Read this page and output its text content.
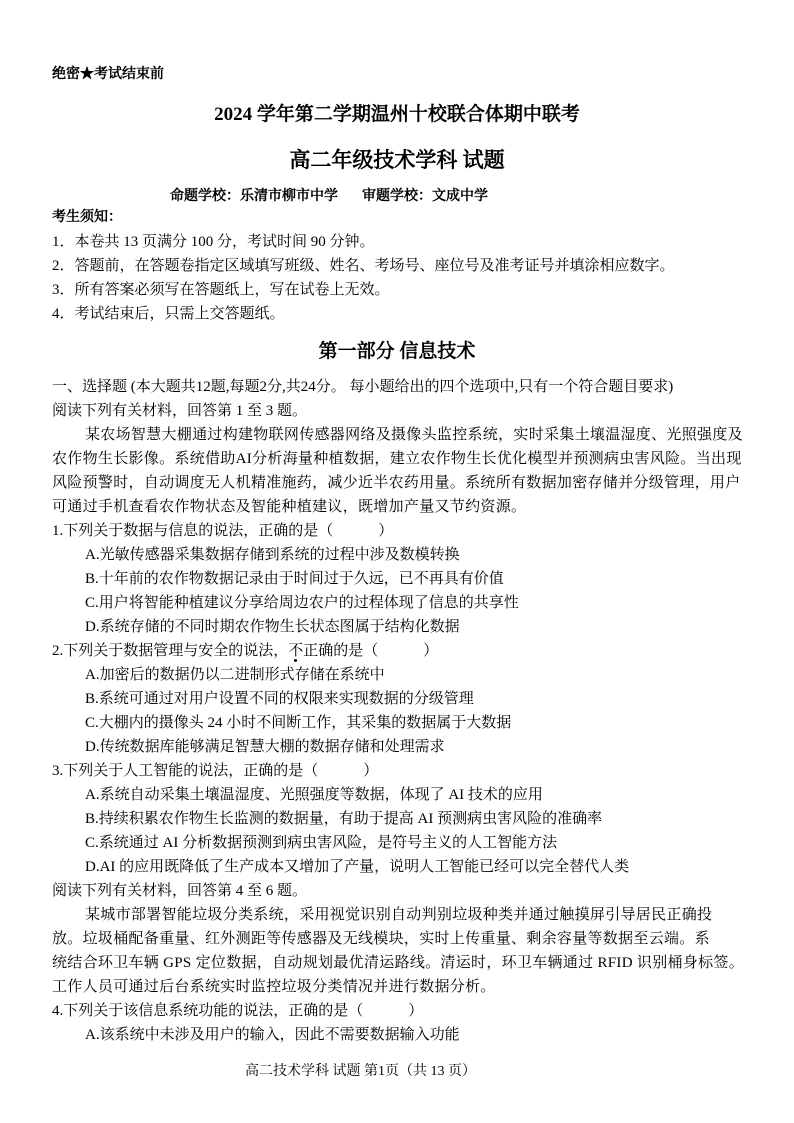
绝密★考试结束前
2024 学年第二学期温州十校联合体期中联考
高二年级技术学科 试题
命题学校：乐清市柳市中学 审题学校：文成中学
考生须知：
1．本卷共 13 页满分 100 分，考试时间 90 分钟。
2．答题前，在答题卷指定区域填写班级、姓名、考场号、座位号及准考证号并填涂相应数字。
3．所有答案必须写在答题纸上，写在试卷上无效。
4．考试结束后，只需上交答题纸。
第一部分 信息技术
一、选择题 (本大题共12题,每题2分,共24分。 每小题给出的四个选项中,只有一个符合题目要求)
阅读下列有关材料，回答第 1 至 3 题。
某农场智慧大棚通过构建物联网传感器网络及摄像头监控系统，实时采集土壤温湿度、光照强度及
农作物生长影像。系统借助AI分析海量种植数据，建立农作物生长优化模型并预测病虫害风险。当出现
风险预警时，自动调度无人机精准施药，减少近半农药用量。系统所有数据加密存储并分级管理，用户
可通过手机查看农作物状态及智能种植建议，既增加产量又节约资源。
1.下列关于数据与信息的说法，正确的是（　　　）
A.光敏传感器采集数据存储到系统的过程中涉及数模转换
B.十年前的农作物数据记录由于时间过于久远，已不再具有价值
C.用户将智能种植建议分享给周边农户的过程体现了信息的共享性
D.系统存储的不同时期农作物生长状态图属于结构化数据
2.下列关于数据管理与安全的说法，不正确的是（　　　）
A.加密后的数据仍以二进制形式存储在系统中
B.系统可通过对用户设置不同的权限来实现数据的分级管理
C.大棚内的摄像头 24 小时不间断工作，其采集的数据属于大数据
D.传统数据库能够满足智慧大棚的数据存储和处理需求
3.下列关于人工智能的说法，正确的是（　　　）
A.系统自动采集土壤温湿度、光照强度等数据，体现了 AI 技术的应用
B.持续积累农作物生长监测的数据量，有助于提高 AI 预测病虫害风险的准确率
C.系统通过 AI 分析数据预测到病虫害风险，是符号主义的人工智能方法
D.AI 的应用既降低了生产成本又增加了产量，说明人工智能已经可以完全替代人类
阅读下列有关材料，回答第 4 至 6 题。
某城市部署智能垃圾分类系统，采用视觉识别自动判别垃圾种类并通过触摸屏引导居民正确投
放。垃圾桶配备重量、红外测距等传感器及无线模块，实时上传重量、剩余容量等数据至云端。系
统结合环卫车辆 GPS 定位数据，自动规划最优清运路线。清运时，环卫车辆通过 RFID 识别桶身标签。
工作人员可通过后台系统实时监控垃圾分类情况并进行数据分析。
4.下列关于该信息系统功能的说法，正确的是（　　　）
A.该系统中未涉及用户的输入，因此不需要数据输入功能
高二技术学科 试题 第1页（共 13 页）
